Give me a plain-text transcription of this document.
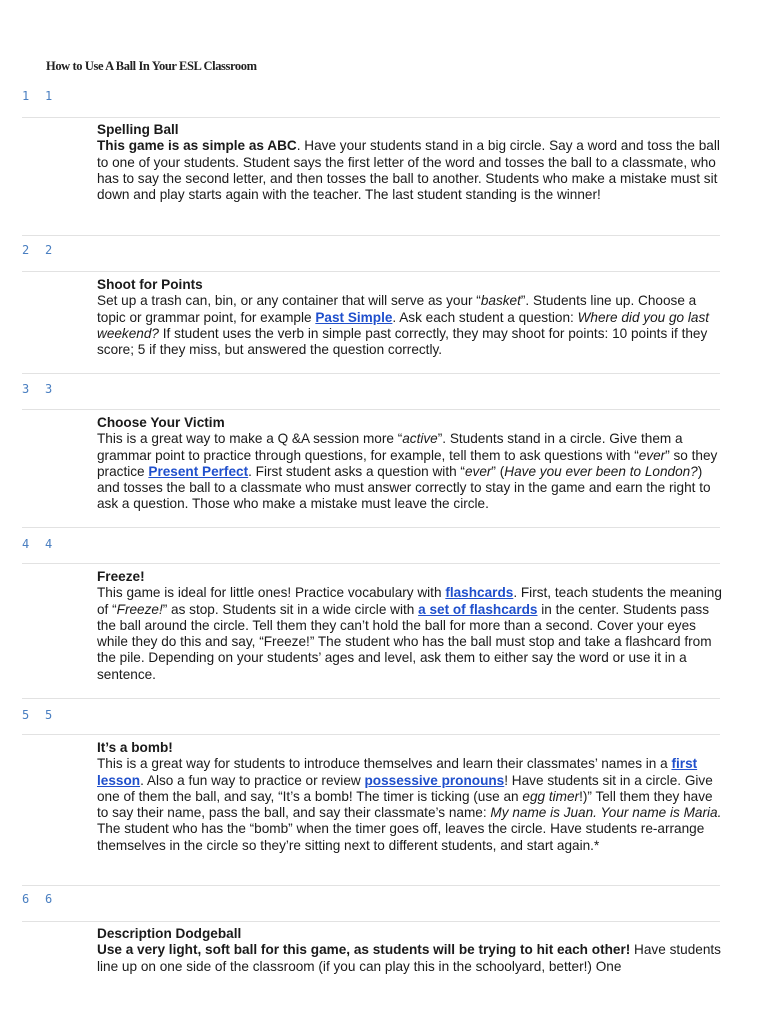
How to Use A Ball In Your ESL Classroom
1 1
Spelling Ball
This game is as simple as ABC. Have your students stand in a big circle. Say a word and toss the ball to one of your students. Student says the first letter of the word and tosses the ball to a classmate, who has to say the second letter, and then tosses the ball to another. Students who make a mistake must sit down and play starts again with the teacher. The last student standing is the winner!
2 2
Shoot for Points
Set up a trash can, bin, or any container that will serve as your “basket”. Students line up. Choose a topic or grammar point, for example Past Simple. Ask each student a question: Where did you go last weekend? If student uses the verb in simple past correctly, they may shoot for points: 10 points if they score; 5 if they miss, but answered the question correctly.
3 3
Choose Your Victim
This is a great way to make a Q &A session more “active”. Students stand in a circle. Give them a grammar point to practice through questions, for example, tell them to ask questions with “ever” so they practice Present Perfect. First student asks a question with “ever” (Have you ever been to London?) and tosses the ball to a classmate who must answer correctly to stay in the game and earn the right to ask a question. Those who make a mistake must leave the circle.
4 4
Freeze!
This game is ideal for little ones! Practice vocabulary with flashcards. First, teach students the meaning of “Freeze!” as stop. Students sit in a wide circle with a set of flashcards in the center. Students pass the ball around the circle. Tell them they can’t hold the ball for more than a second. Cover your eyes while they do this and say, “Freeze!” The student who has the ball must stop and take a flashcard from the pile. Depending on your students’ ages and level, ask them to either say the word or use it in a sentence.
5 5
It’s a bomb!
This is a great way for students to introduce themselves and learn their classmates’ names in a first lesson. Also a fun way to practice or review possessive pronouns! Have students sit in a circle. Give one of them the ball, and say, “It’s a bomb! The timer is ticking (use an egg timer!)” Tell them they have to say their name, pass the ball, and say their classmate’s name: My name is Juan. Your name is Maria. The student who has the “bomb” when the timer goes off, leaves the circle. Have students re-arrange themselves in the circle so they’re sitting next to different students, and start again.*
6 6
Description Dodgeball
Use a very light, soft ball for this game, as students will be trying to hit each other! Have students line up on one side of the classroom (if you can play this in the schoolyard, better!) One
